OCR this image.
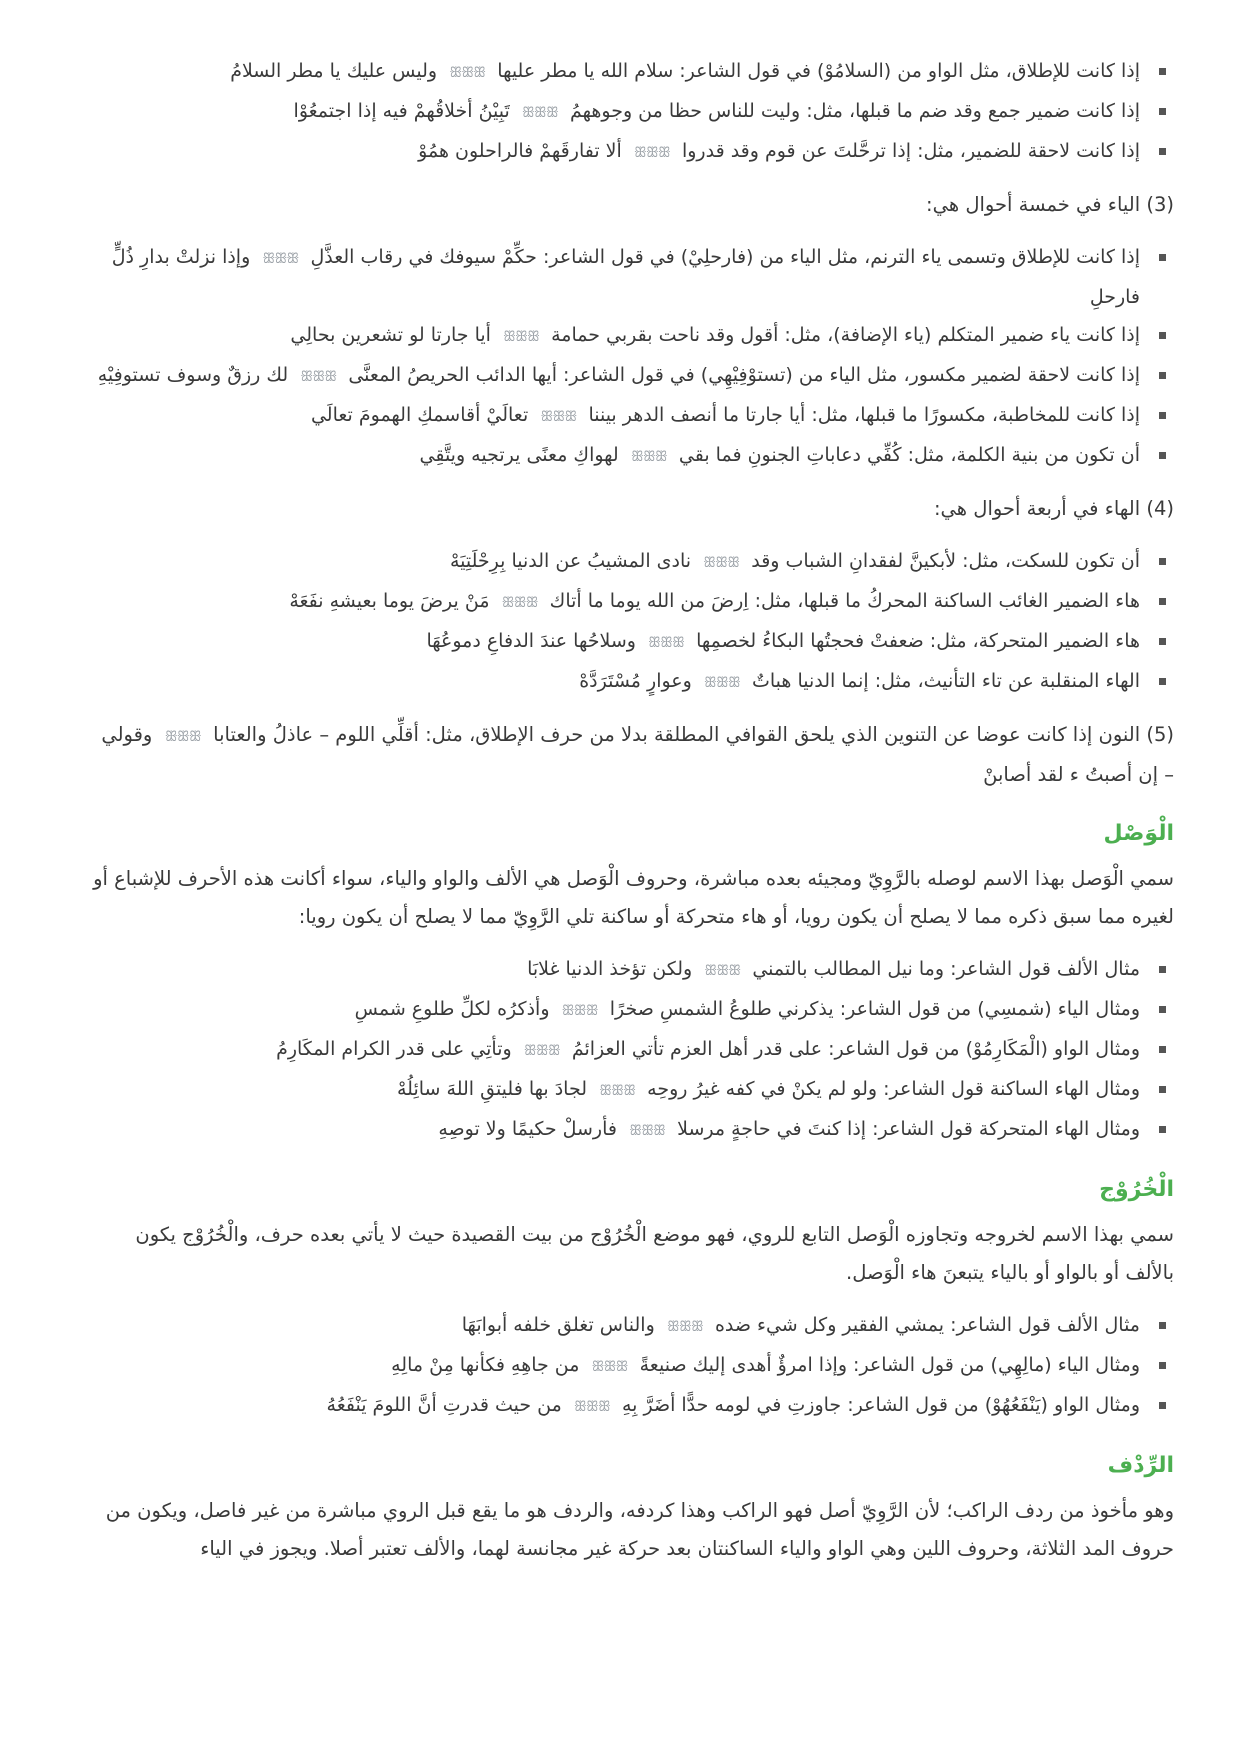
إذا كانت للإطلاق، مثل الواو من (السلامُوْ) في قول الشاعر: سلام الله يا مطر عليها  ꕥꕥꕥ  وليس عليك يا مطر السلامُ
إذا كانت ضمير جمع وقد ضم ما قبلها، مثل: وليت للناس حظا من وجوههمُ  ꕥꕥꕥ  تَبِيْنُ أخلاقُهمْ فيه إذا اجتمعُوْا
إذا كانت لاحقة للضمير، مثل: إذا ترحَّلتَ عن قوم وقد قدروا  ꕥꕥꕥ  ألا تفارقَهمْ فالراحلون همُوْ

(3) الياء في خمسة أحوال هي:

إذا كانت للإطلاق وتسمى ياء الترنم، مثل الياء من (فارحلِيْ) في قول الشاعر: حكِّمْ سيوفك في رقاب العذَّلِ  ꕥꕥꕥ  وإذا نزلتْ بدارِ ذُلٍّ فارحلِ
إذا كانت ياء ضمير المتكلم (ياء الإضافة)، مثل: أقول وقد ناحت بقربي حمامة  ꕥꕥꕥ  أيا جارتا لو تشعرين بحالِي
إذا كانت لاحقة لضمير مكسور، مثل الياء من (تستوْفِيْهِي) في قول الشاعر: أيها الدائب الحريصُ المعنَّى  ꕥꕥꕥ  لك رزقٌ وسوف تستوفِيْهِ
إذا كانت للمخاطبة، مكسورًا ما قبلها، مثل: أيا جارتا ما أنصف الدهر بيننا  ꕥꕥꕥ  تعالَيْ أقاسمكِ الهمومَ تعالَي
أن تكون من بنية الكلمة، مثل: كُفِّي دعاباتِ الجنونِ فما بقي  ꕥꕥꕥ  لهواكِ معنًى يرتجيه ويتَّقِي

(4) الهاء في أربعة أحوال هي:

أن تكون للسكت، مثل: لأبكينَّ لفقدانِ الشباب وقد  ꕥꕥꕥ  نادى المشيبُ عن الدنيا بِرِحْلَتِيَهْ
هاء الضمير الغائب الساكنة المحركُ ما قبلها، مثل: اِرضَ من الله يوما ما أتاك  ꕥꕥꕥ  مَنْ يرضَ يوما بعيشهِ نفَعَهْ
هاء الضمير المتحركة، مثل: ضعفتْ فحجتُها البكاءُ لخصمِها  ꕥꕥꕥ  وسلاحُها عندَ الدفاعِ دموعُهَا
الهاء المنقلبة عن تاء التأنيث، مثل: إنما الدنيا هباتٌ  ꕥꕥꕥ  وعوارٍ مُسْتَرَدَّهْ

(5) النون إذا كانت عوضا عن التنوين الذي يلحق القوافي المطلقة بدلا من حرف الإطلاق، مثل: أقلِّي اللوم – عاذلُ والعتابا  ꕥꕥꕥ  وقولي – إن أصبتُ ء لقد أصابنْ

الْوَصْل

سمي الْوَصل بهذا الاسم لوصله بالرَّوِيّ ومجيئه بعده مباشرة، وحروف الْوَصل هي الألف والواو والياء، سواء أكانت هذه الأحرف للإشباع أو لغيره مما سبق ذكره مما لا يصلح أن يكون رويا، أو هاء متحركة أو ساكنة تلي الرَّوِيّ مما لا يصلح أن يكون رويا:

مثال الألف قول الشاعر: وما نيل المطالب بالتمني  ꕥꕥꕥ  ولكن تؤخذ الدنيا غلابَا
ومثال الياء (شمسِي) من قول الشاعر: يذكرني طلوعُ الشمسِ صخرًا  ꕥꕥꕥ  وأذكرُه لكلِّ طلوعِ شمسِ
ومثال الواو (الْمَكَارِمُوْ) من قول الشاعر: على قدر أهل العزم تأتي العزائمُ  ꕥꕥꕥ  وتأتِي على قدر الكرام المكَارِمُ
ومثال الهاء الساكنة قول الشاعر: ولو لم يكنْ في كفه غيرُ روحِه  ꕥꕥꕥ  لجادَ بها فليتقِ اللهَ سائِلُهْ
ومثال الهاء المتحركة قول الشاعر: إذا كنتَ في حاجةٍ مرسلا  ꕥꕥꕥ  فأرسلْ حكيمًا ولا توصِهِ
الْخُرُوْج

سمي بهذا الاسم لخروجه وتجاوزه الْوَصل التابع للروي، فهو موضع الْخُرُوْج من بيت القصيدة حيث لا يأتي بعده حرف، والْخُرُوْج يكون بالألف أو بالواو أو بالياء يتبعنَ هاء الْوَصل.

مثال الألف قول الشاعر: يمشي الفقير وكل شيء ضده  ꕥꕥꕥ  والناس تغلق خلفه أبوابَهَا
ومثال الياء (مالِهِي) من قول الشاعر: وإذا امرؤٌ أهدى إليك صنيعةً  ꕥꕥꕥ  من جاهِهِ فكأنها مِنْ مالِهِ
ومثال الواو (يَنْفَعُهُوْ) من قول الشاعر: جاوزتِ في لومه حدًّا أضَرَّ بِهِ  ꕥꕥꕥ  من حيث قدرتِ أنَّ اللومَ يَنْفَعُهُ
الرِّدْف

وهو مأخوذ من ردف الراكب؛ لأن الرَّوِيّ أصل فهو الراكب وهذا كردفه، والردف هو ما يقع قبل الروي مباشرة من غير فاصل، ويكون من حروف المد الثلاثة، وحروف اللين وهي الواو والياء الساكنتان بعد حركة غير مجانسة لهما، والألف تعتبر أصلا. ويجوز في الياء
